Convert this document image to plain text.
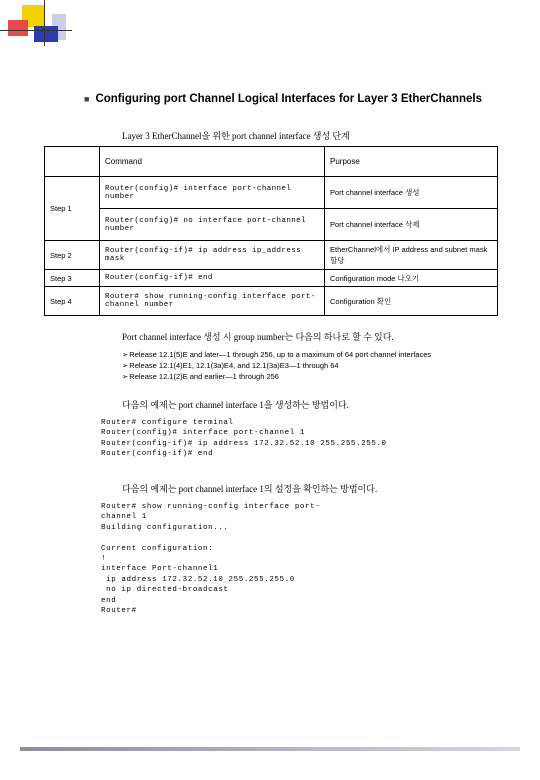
■ Configuring port Channel Logical Interfaces for Layer 3 EtherChannels
Layer 3 EtherChannel을 위한 port channel interface 생성 단계
	Command	Purpose
Step 1	Router(config)# interface port-channel number	Port channel interface 생성
	Router(config)# no interface port-channel number	Port channel interface 삭제
Step 2	Router(config-if)# ip address ip_address mask	EtherChannel에서 IP address and subnet mask 할당
Step 3	Router(config-if)# end	Configuration mode 나오기
Step 4	Router# show running-config interface port-channel number	Configuration 확인
Port channel interface 생성 시 group number는 다음의 하나로 할 수 있다.
➢Release 12.1(5)E and later—1 through 256, up to a maximum of 64 port channel interfaces
➢Release 12.1(4)E1, 12.1(3a)E4, and 12.1(3a)E3—1 through 64
➢Release 12.1(2)E and earlier—1 through 256
다음의 예제는 port channel interface 1을 생성하는 방법이다.
Router# configure terminal
Router(config)# interface port-channel 1
Router(config-if)# ip address 172.32.52.10 255.255.255.0
Router(config-if)# end
다음의 예제는 port channel interface 1의 설정을 확인하는 방법이다.
Router# show running-config interface port-
channel 1
Building configuration...

Current configuration:
!
interface Port-channel1
ip address 172.32.52.10 255.255.255.0
no ip directed-broadcast
end
Router#
